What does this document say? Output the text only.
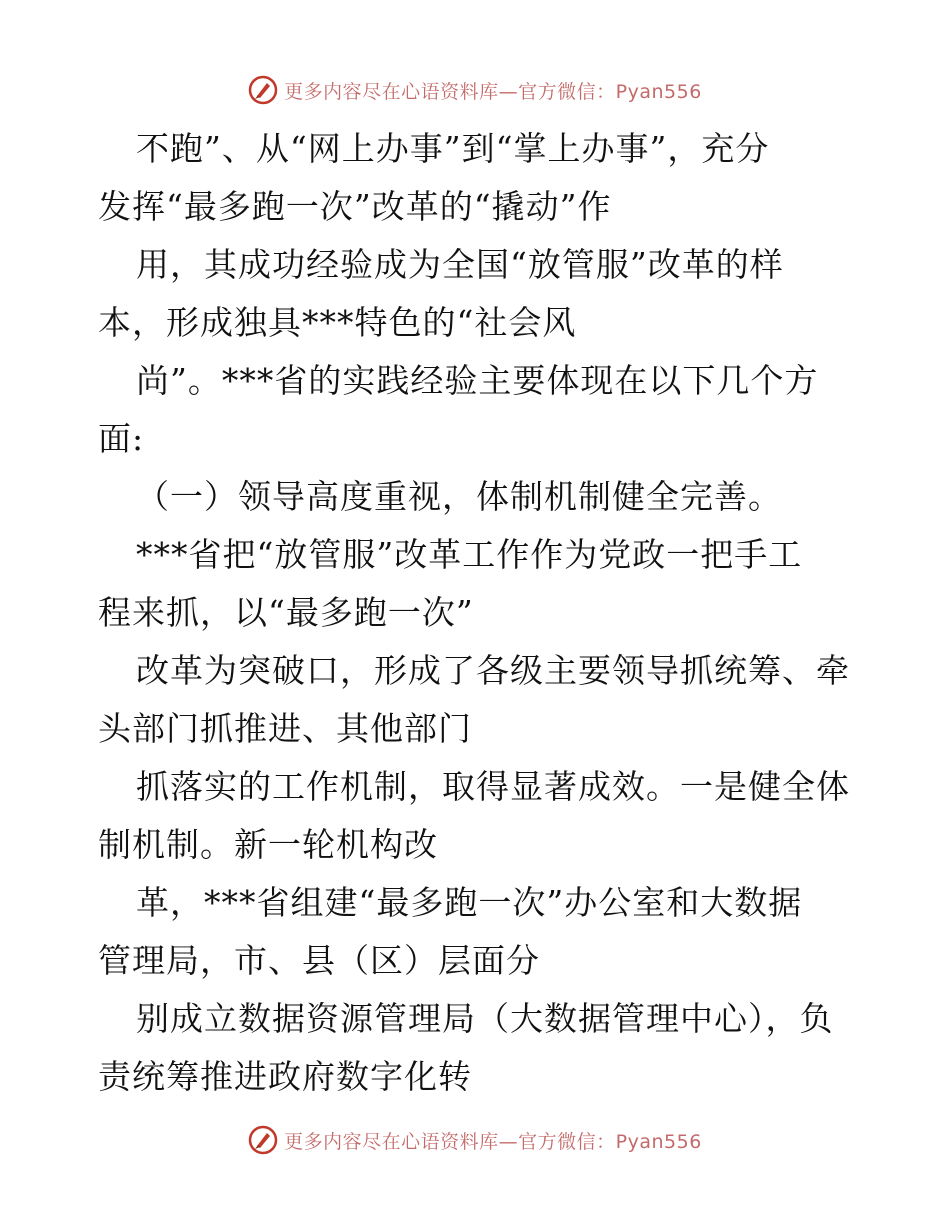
更多内容尽在心语资料库—官方微信：Pyan556
不跑”、从“网上办事”到“掌上办事”，充分
发挥“最多跑一次”改革的“撬动”作
用，其成功经验成为全国“放管服”改革的样
本，形成独具***特色的“社会风
尚”。***省的实践经验主要体现在以下几个方
面:
（一）领导高度重视，体制机制健全完善。
***省把“放管服”改革工作作为党政一把手工
程来抓，以“最多跑一次”
改革为突破口，形成了各级主要领导抓统筹、牵
头部门抓推进、其他部门
抓落实的工作机制，取得显著成效。一是健全体
制机制。新一轮机构改
革，***省组建“最多跑一次”办公室和大数据
管理局，市、县（区）层面分
别成立数据资源管理局（大数据管理中心），负
责统筹推进政府数字化转
更多内容尽在心语资料库—官方微信：Pyan556
